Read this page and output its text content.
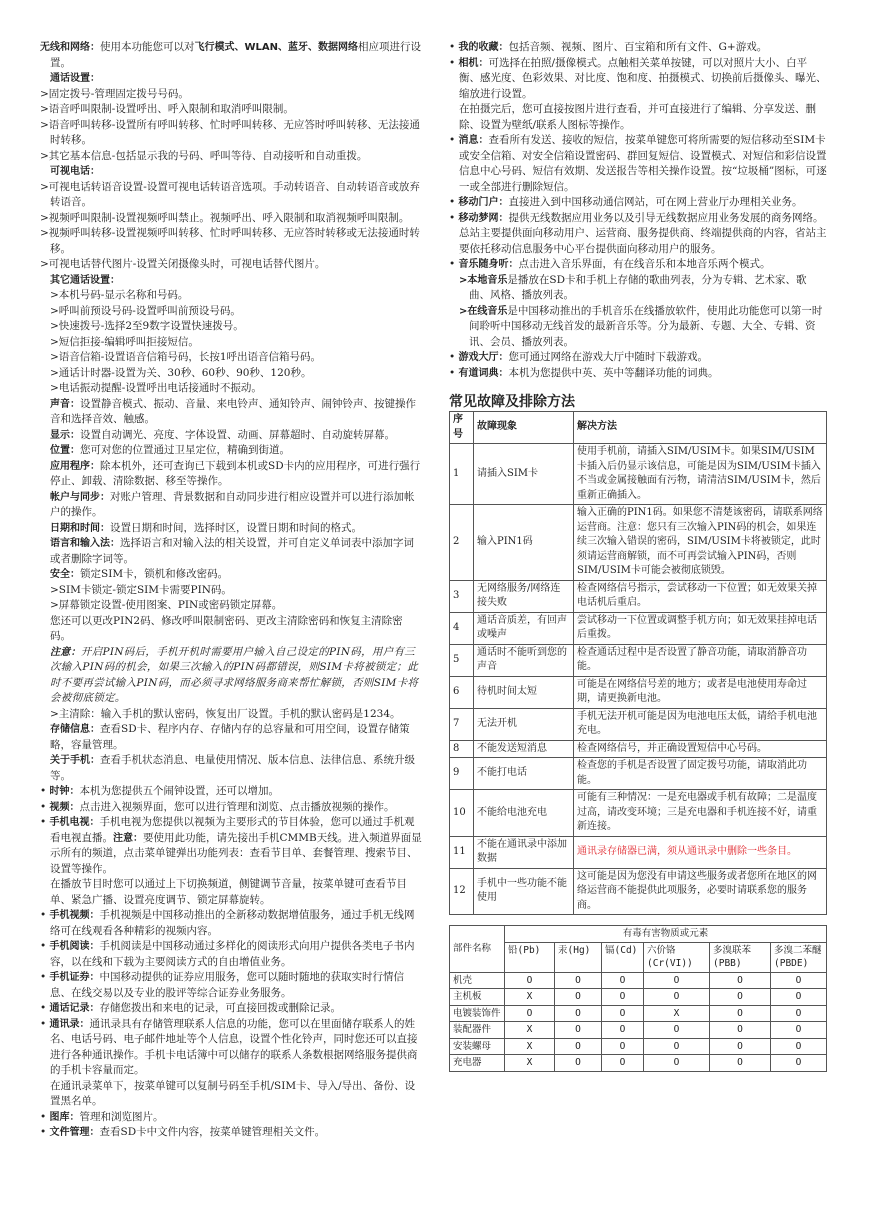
无线和网络：使用本功能您可以对飞行模式、WLAN、蓝牙、数据网络相应项进行设置。

通话设置：

>固定拨号-管理固定拨号号码。

>语音呼叫限制-设置呼出、呼入限制和取消呼叫限制。

>语音呼叫转移-设置所有呼叫转移、忙时呼叫转移、无应答时呼叫转移、无法接通时转移。

>其它基本信息-包括显示我的号码、呼叫等待、自动接听和自动重拨。

可视电话：

>可视电话转语音设置-设置可视电话转语音选项。手动转语音、自动转语音或放弃转语音。

>视频呼叫限制-设置视频呼叫禁止。视频呼出、呼入限制和取消视频呼叫限制。

>视频呼叫转移-设置视频呼叫转移、忙时呼叫转移、无应答时转移或无法接通时转移。

>可视电话替代图片-设置关闭摄像头时，可视电话替代图片。

其它通话设置：

>本机号码-显示名称和号码。

>呼叫前预设号码-设置呼叫前预设号码。

>快速拨号-选择2至9数字设置快速拨号。

>短信拒接-编辑呼叫拒接短信。

>语音信箱-设置语音信箱号码，长按1呼出语音信箱号码。

>通话计时器-设置为关、30秒、60秒、90秒、120秒。

>电话振动提醒-设置呼出电话接通时不振动。

声音：设置静音模式、振动、音量、来电铃声、通知铃声、闹钟铃声、按键操作音和选择音效、触感。

显示：设置自动调光、亮度、字体设置、动画、屏幕超时、自动旋转屏幕。

位置：您可对您的位置通过卫星定位，精确到街道。

应用程序：除本机外，还可查询已下载到本机或SD卡内的应用程序，可进行强行停止、卸载、清除数据、移至等操作。

帐户与同步：对账户管理、背景数据和自动同步进行相应设置并可以进行添加帐户的操作。

日期和时间：设置日期和时间，选择时区，设置日期和时间的格式。

语言和输入法：选择语言和对输入法的相关设置，并可自定义单词表中添加字词或者删除字词等。

安全：锁定SIM卡，锁机和修改密码。

>SIM卡锁定-锁定SIM卡需要PIN码。

>屏幕锁定设置-使用图案、PIN或密码锁定屏幕。

您还可以更改PIN2码、修改呼叫限制密码、更改主清除密码和恢复主清除密码。

注意：开启PIN码后，手机开机时需要用户输入自己设定的PIN码，用户有三次输入PIN码的机会，如果三次输入的PIN码都错误，则SIM卡将被锁定；此时不要再尝试输入PIN码，而必须寻求网络服务商来帮忙解锁，否则SIM卡将会被彻底锁定。

>主清除：输入手机的默认密码，恢复出厂设置。手机的默认密码是1234。

存储信息：查看SD卡、程序内存、存储内存的总容量和可用空间，设置存储策略，容量管理。

关于手机：查看手机状态消息、电量使用情况、版本信息、法律信息、系统升级等。

• 时钟：本机为您提供五个闹钟设置，还可以增加。

• 视频：点击进入视频界面，您可以进行管理和浏览、点击播放视频的操作。

• 手机电视：手机电视为您提供以视频为主要形式的节目体验，您可以通过手机观看电视直播。注意：要使用此功能，请先接出手机CMMB天线。进入频道界面显示所有的频道，点击菜单键弹出功能列表：查看节目单、套餐管理、搜索节目、设置等操作。

在播放节目时您可以通过上下切换频道，侧键调节音量，按菜单键可查看节目单、紧急广播、设置亮度调节、锁定屏幕旋转。

• 手机视频：手机视频是中国移动推出的全新移动数据增值服务，通过手机无线网络可在线观看各种精彩的视频内容。

• 手机阅读：手机阅读是中国移动通过多样化的阅读形式向用户提供各类电子书内容，以在线和下载为主要阅读方式的自由增值业务。

• 手机证券：中国移动提供的证券应用服务，您可以随时随地的获取实时行情信息、在线交易以及专业的股评等综合证券业务服务。

• 通话记录：存储您拨出和来电的记录，可直接回拨或删除记录。

• 通讯录：通讯录具有存储管理联系人信息的功能，您可以在里面储存联系人的姓名、电话号码、电子邮件地址等个人信息，设置个性化铃声，同时您还可以直接进行各种通讯操作。手机卡电话簿中可以储存的联系人条数根据网络服务提供商的手机卡容量而定。

在通讯录菜单下，按菜单键可以复制号码至手机/SIM卡、导入/导出、备份、设置黑名单。

• 图库：管理和浏览图片。

• 文件管理：查看SD卡中文件内容，按菜单键管理相关文件。

• 我的收藏：包括音频、视频、图片、百宝箱和所有文件、G+游戏。

• 相机：可选择在拍照/摄像模式。点触相关菜单按键，可以对照片大小、白平衡、感光度、色彩效果、对比度、饱和度、拍摄模式、切换前后摄像头、曝光、缩放进行设置。

在拍摄完后，您可直接按图片进行查看，并可直接进行了编辑、分享发送、删除、设置为壁纸/联系人图标等操作。

• 消息：查看所有发送、接收的短信，按菜单键您可将所需要的短信移动至SIM卡或安全信箱、对安全信箱设置密码、群回复短信、设置模式、对短信和彩信设置信息中心号码、短信有效期、发送报告等相关操作设置。按“垃圾桶”图标，可逐一或全部进行删除短信。

• 移动门户：直接进入到中国移动通信网站，可在网上营业厅办理相关业务。

• 移动梦网：提供无线数据应用业务以及引导无线数据应用业务发展的商务网络。总站主要提供面向移动用户、运营商、服务提供商、终端提供商的内容，省站主要依托移动信息服务中心平台提供面向移动用户的服务。

• 音乐随身听：点击进入音乐界面，有在线音乐和本地音乐两个模式。

>本地音乐是播放在SD卡和手机上存储的歌曲列表，分为专辑、艺术家、歌曲、风格、播放列表。

>在线音乐是中国移动推出的手机音乐在线播放软件，使用此功能您可以第一时间聆听中国移动无线首发的最新音乐等。分为最新、专题、大全、专辑、资讯、会员、播放列表。

• 游戏大厅：您可通过网络在游戏大厅中随时下载游戏。

• 有道词典：本机为您提供中英、英中等翻译功能的词典。

常见故障及排除方法

序号	故障现象	解决方法
1	请插入SIM卡	使用手机前，请插入SIM/USIM卡。如果SIM/USIM卡插入后仍显示该信息，可能是因为SIM/USIM卡插入不当或金属接触面有污物，请清洁SIM/USIM卡，然后重新正确插入。
2	输入PIN1码	输入正确的PIN1码。如果您不清楚该密码，请联系网络运营商。注意：您只有三次输入PIN码的机会，如果连续三次输入错误的密码，SIM/USIM卡将被锁定，此时须请运营商解锁，而不可再尝试输入PIN码，否则SIM/USIM卡可能会被彻底锁毁。
3	无网络服务/网络连接失败	检查网络信号指示，尝试移动一下位置；如无效果关掉电话机后重启。
4	通话音质差，有回声或噪声	尝试移动一下位置或调整手机方向；如无效果挂掉电话后重拨。
5	通话时不能听到您的声音	检查通话过程中是否设置了静音功能，请取消静音功能。
6	待机时间太短	可能是在网络信号差的地方；或者是电池使用寿命过期，请更换新电池。
7	无法开机	手机无法开机可能是因为电池电压太低，请给手机电池充电。
8	不能发送短消息	检查网络信号，并正确设置短信中心号码。
9	不能打电话	检查您的手机是否设置了固定拨号功能，请取消此功能。
10	不能给电池充电	可能有三种情况：一是充电器或手机有故障；二是温度过高，请改变环境；三是充电器和手机连接不好，请重新连接。
11	不能在通讯录中添加数据	通讯录存储器已满，须从通讯录中删除一些条目。
12	手机中一些功能不能使用	这可能是因为您没有申请这些服务或者您所在地区的网络运营商不能提供此项服务，必要时请联系您的服务商。
部件名称	有毒有害物质或元素					
	铅(Pb)	汞(Hg)	镉(Cd)	六价铬(Cr(VI))	多溴联苯(PBB)	多溴二苯醚(PBDE)
机壳	O	O	O	O	O	O
主机板	X	O	O	O	O	O
电镀装饰件	O	O	O	X	O	O
装配器件	X	O	O	O	O	O
安装螺母	X	O	O	O	O	O
充电器	X	O	O	O	O	O
